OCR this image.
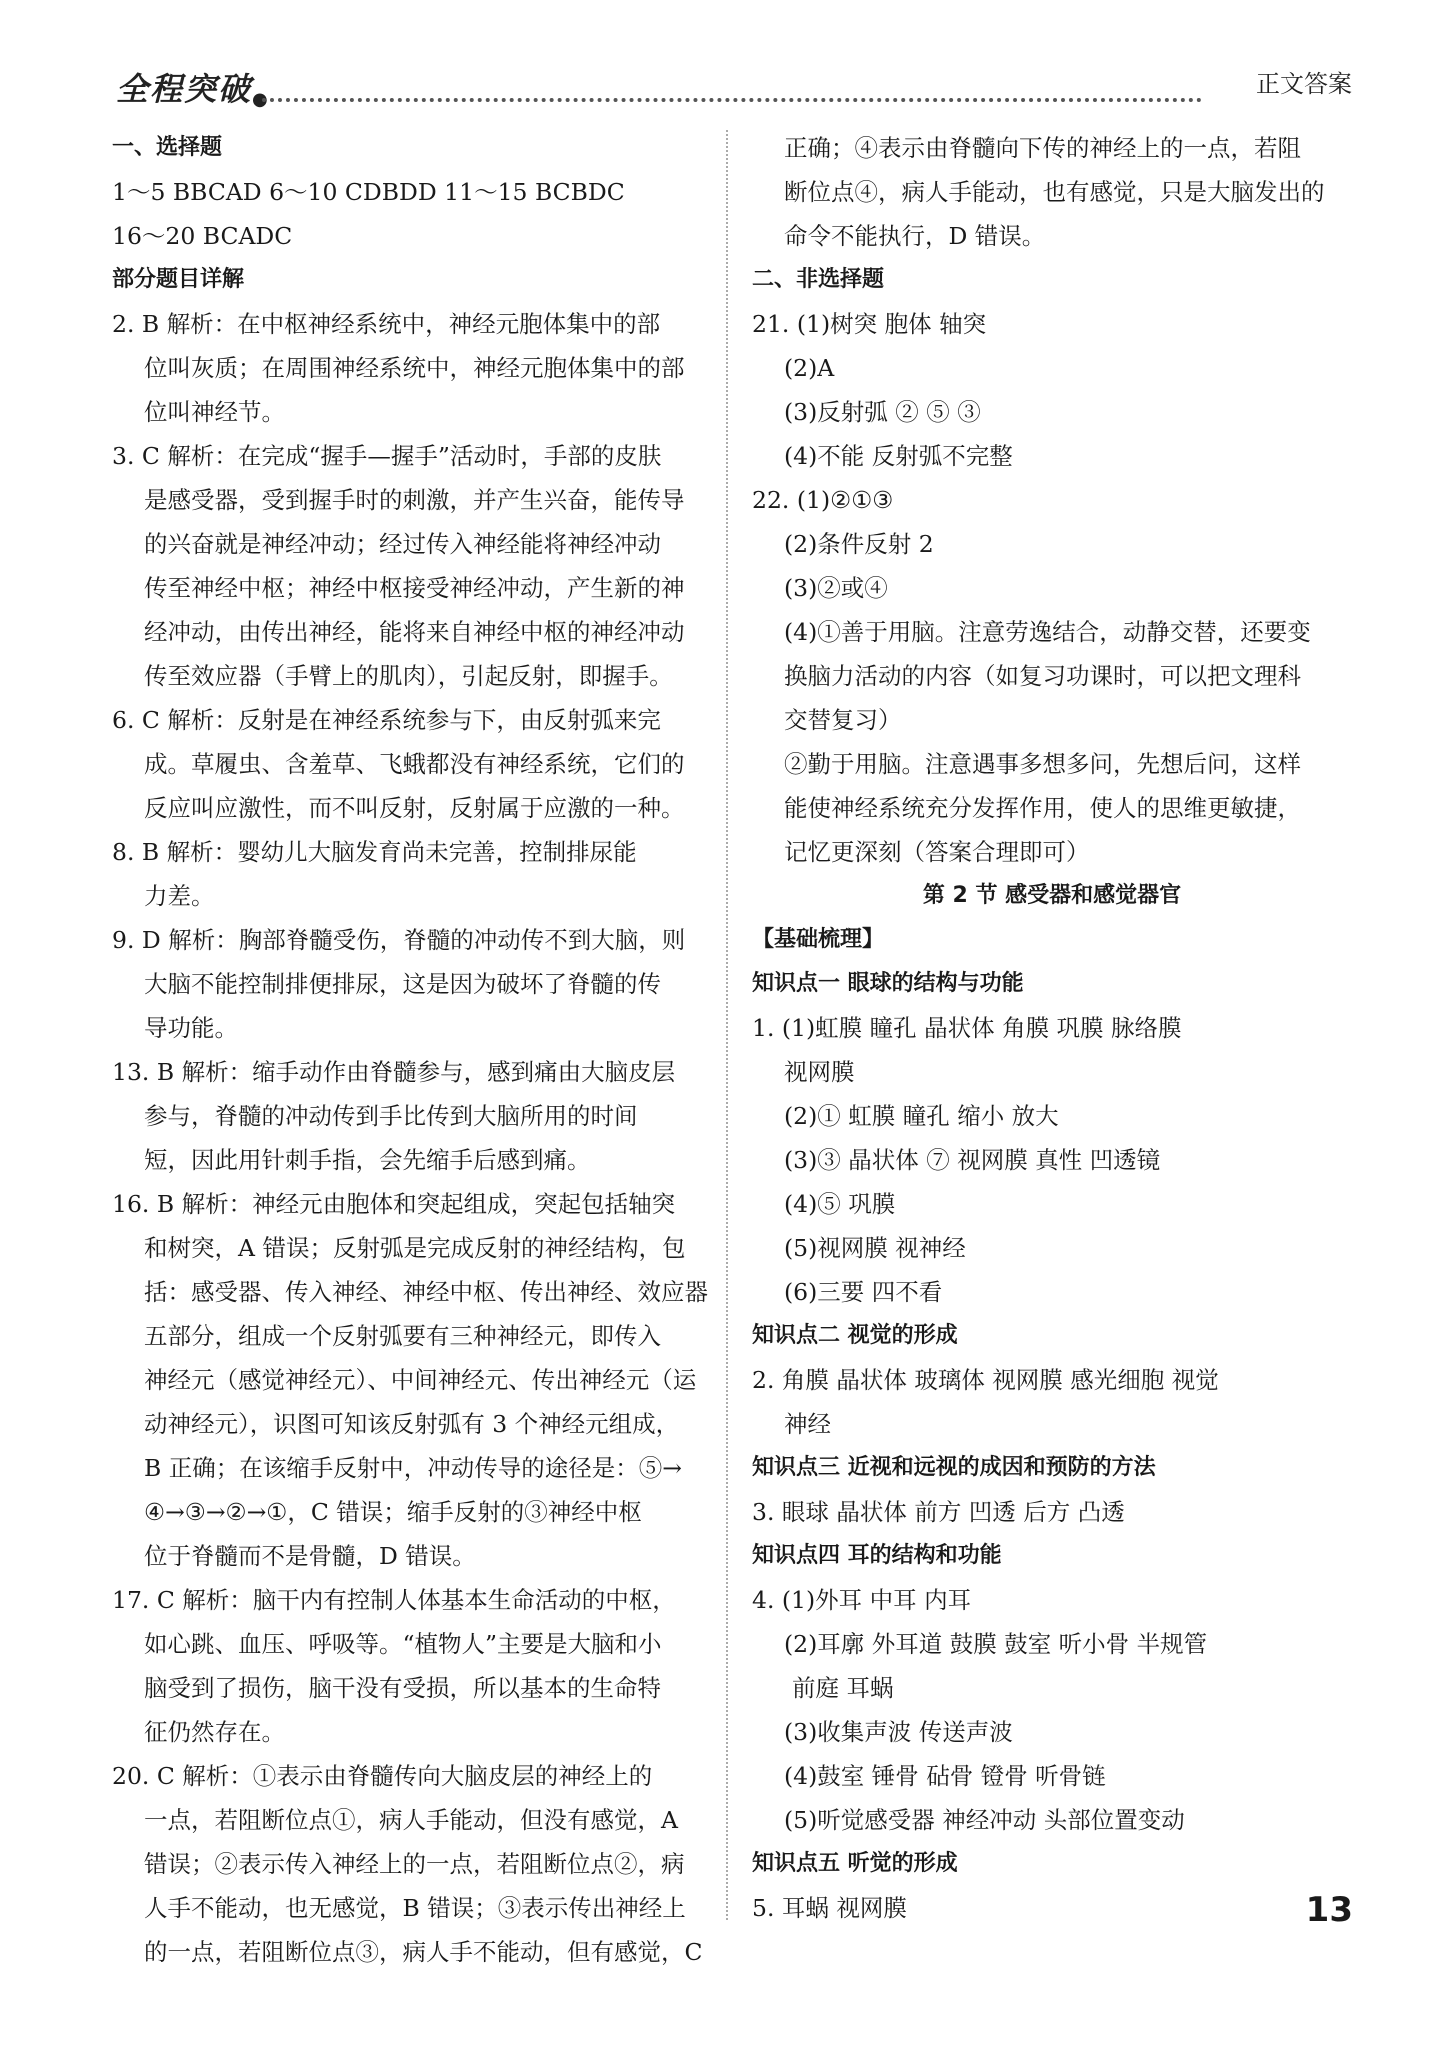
全程突破●
正文答案
一、选择题
1～5 BBCAD 6～10 CDBDD 11～15 BCBDC
16～20 BCADC
部分题目详解
2. B 解析：在中枢神经系统中，神经元胞体集中的部
位叫灰质；在周围神经系统中，神经元胞体集中的部
位叫神经节。
3. C 解析：在完成“握手—握手”活动时，手部的皮肤
是感受器，受到握手时的刺激，并产生兴奋，能传导
的兴奋就是神经冲动；经过传入神经能将神经冲动
传至神经中枢；神经中枢接受神经冲动，产生新的神
经冲动，由传出神经，能将来自神经中枢的神经冲动
传至效应器（手臂上的肌肉），引起反射，即握手。
6. C 解析：反射是在神经系统参与下，由反射弧来完
成。草履虫、含羞草、飞蛾都没有神经系统，它们的
反应叫应激性，而不叫反射，反射属于应激的一种。
8. B 解析：婴幼儿大脑发育尚未完善，控制排尿能
力差。
9. D 解析：胸部脊髓受伤，脊髓的冲动传不到大脑，则
大脑不能控制排便排尿，这是因为破坏了脊髓的传
导功能。
13. B 解析：缩手动作由脊髓参与，感到痛由大脑皮层
参与，脊髓的冲动传到手比传到大脑所用的时间
短，因此用针刺手指，会先缩手后感到痛。
16. B 解析：神经元由胞体和突起组成，突起包括轴突
和树突，A 错误；反射弧是完成反射的神经结构，包
括：感受器、传入神经、神经中枢、传出神经、效应器
五部分，组成一个反射弧要有三种神经元，即传入
神经元（感觉神经元）、中间神经元、传出神经元（运
动神经元），识图可知该反射弧有 3 个神经元组成，
B 正确；在该缩手反射中，冲动传导的途径是：⑤→
④→③→②→①，C 错误；缩手反射的③神经中枢
位于脊髓而不是骨髓，D 错误。
17. C 解析：脑干内有控制人体基本生命活动的中枢，
如心跳、血压、呼吸等。“植物人”主要是大脑和小
脑受到了损伤，脑干没有受损，所以基本的生命特
征仍然存在。
20. C 解析：①表示由脊髓传向大脑皮层的神经上的
一点，若阻断位点①，病人手能动，但没有感觉，A
错误；②表示传入神经上的一点，若阻断位点②，病
人手不能动，也无感觉，B 错误；③表示传出神经上
的一点，若阻断位点③，病人手不能动，但有感觉，C
正确；④表示由脊髓向下传的神经上的一点，若阻
断位点④，病人手能动，也有感觉，只是大脑发出的
命令不能执行，D 错误。
二、非选择题
21. (1)树突 胞体 轴突
(2)A
(3)反射弧 ② ⑤ ③
(4)不能 反射弧不完整
22. (1)②①③
(2)条件反射 2
(3)②或④
(4)①善于用脑。注意劳逸结合，动静交替，还要变
换脑力活动的内容（如复习功课时，可以把文理科
交替复习）
②勤于用脑。注意遇事多想多问，先想后问，这样
能使神经系统充分发挥作用，使人的思维更敏捷，
记忆更深刻（答案合理即可）
第 2 节 感受器和感觉器官
【基础梳理】
知识点一 眼球的结构与功能
1. (1)虹膜 瞳孔 晶状体 角膜 巩膜 脉络膜
视网膜
(2)① 虹膜 瞳孔 缩小 放大
(3)③ 晶状体 ⑦ 视网膜 真性 凹透镜
(4)⑤ 巩膜
(5)视网膜 视神经
(6)三要 四不看
知识点二 视觉的形成
2. 角膜 晶状体 玻璃体 视网膜 感光细胞 视觉
神经
知识点三 近视和远视的成因和预防的方法
3. 眼球 晶状体 前方 凹透 后方 凸透
知识点四 耳的结构和功能
4. (1)外耳 中耳 内耳
(2)耳廓 外耳道 鼓膜 鼓室 听小骨 半规管
前庭 耳蜗
(3)收集声波 传送声波
(4)鼓室 锤骨 砧骨 镫骨 听骨链
(5)听觉感受器 神经冲动 头部位置变动
知识点五 听觉的形成
5. 耳蜗 视网膜	13
